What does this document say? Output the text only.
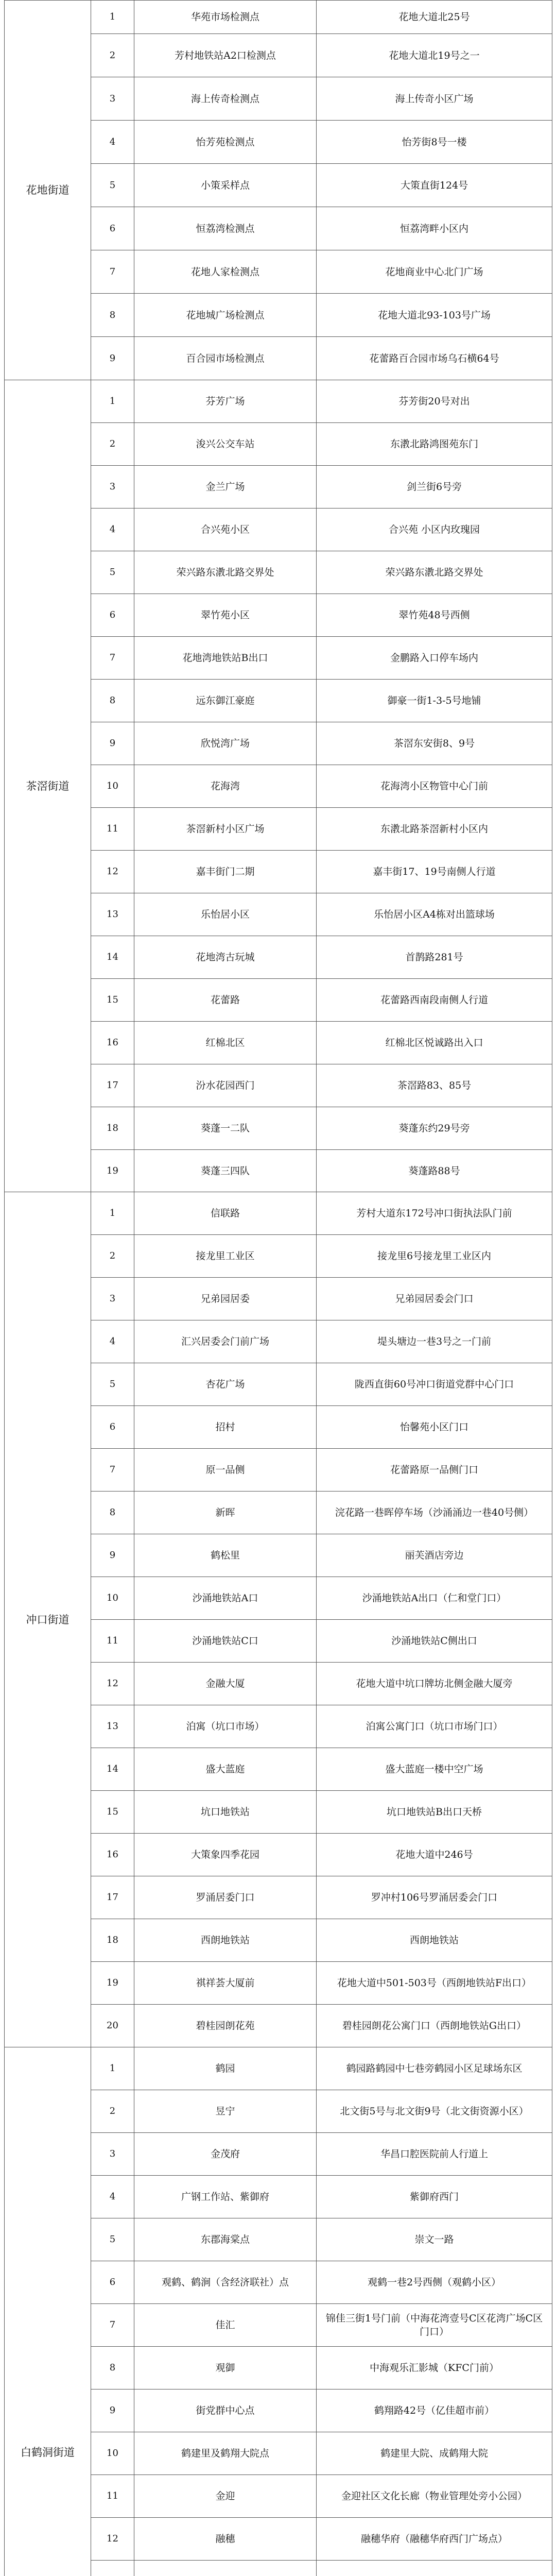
花地街道	1	华苑市场检测点	花地大道北25号
	2	芳村地铁站A2口检测点	花地大道北19号之一
	3	海上传奇检测点	海上传奇小区广场
	4	怡芳苑检测点	怡芳街8号一楼
	5	小策采样点	大策直街124号
	6	恒荔湾检测点	恒荔湾畔小区内
	7	花地人家检测点	花地商业中心北门广场
	8	花地城广场检测点	花地大道北93-103号广场
	9	百合园市场检测点	花蕾路百合园市场乌石横64号
茶滘街道	1	芬芳广场	芬芳街20号对出
	2	浚兴公交车站	东漖北路鸿图苑东门
	3	金兰广场	剑兰街6号旁
	4	合兴苑小区	合兴苑 小区内玫瑰园
	5	荣兴路东漖北路交界处	荣兴路东漖北路交界处
	6	翠竹苑小区	翠竹苑48号西侧
	7	花地湾地铁站B出口	金鹏路入口停车场内
	8	远东御江豪庭	御豪一街1-3-5号地铺
	9	欣悦湾广场	茶滘东安街8、9号
	10	花海湾	花海湾小区物管中心门前
	11	茶滘新村小区广场	东漖北路茶滘新村小区内
	12	嘉丰街门二期	嘉丰街17、19号南侧人行道
	13	乐怡居小区	乐怡居小区A4栋对出篮球场
	14	花地湾古玩城	首鹊路281号
	15	花蕾路	花蕾路西南段南侧人行道
	16	红棉北区	红棉北区悦诚路出入口
	17	汾水花园西门	茶滘路83、85号
	18	葵蓬一二队	葵蓬东约29号旁
	19	葵蓬三四队	葵蓬路88号
冲口街道	1	信联路	芳村大道东172号冲口街执法队门前
	2	接龙里工业区	接龙里6号接龙里工业区内
	3	兄弟园居委	兄弟园居委会门口
	4	汇兴居委会门前广场	堤头塘边一巷3号之一门前
	5	杏花广场	陇西直街60号冲口街道党群中心门口
	6	招村	怡馨苑小区门口
	7	原一品侧	花蕾路原一品侧门口
	8	新晖	浣花路一巷晖停车场（沙涌涌边一巷40号侧）
	9	鹤松里	丽芙酒店旁边
	10	沙涌地铁站A口	沙涌地铁站A出口（仁和堂门口）
	11	沙涌地铁站C口	沙涌地铁站C侧出口
	12	金融大厦	花地大道中坑口牌坊北侧金融大厦旁
	13	泊寓（坑口市场）	泊寓公寓门口（坑口市场门口）
	14	盛大蓝庭	盛大蓝庭一楼中空广场
	15	坑口地铁站	坑口地铁站B出口天桥
	16	大策象四季花园	花地大道中246号
	17	罗涌居委门口	罗冲村106号罗涌居委会门口
	18	西朗地铁站	西朗地铁站
	19	祺祥荟大厦前	花地大道中501-503号（西朗地铁站F出口）
	20	碧桂园朗花苑	碧桂园朗花公寓门口（西朗地铁站G出口）
白鹤洞街道	1	鹤园	鹤园路鹤园中七巷旁鹤园小区足球场东区
	2	昱宁	北文街5号与北文街9号（北文街资源小区）
	3	金茂府	华昌口腔医院前人行道上
	4	广钢工作站、紫御府	紫御府西门
	5	东郡海棠点	崇文一路
	6	观鹤、鹤涧（含经济联社）点	观鹤一巷2号西侧（观鹤小区）
	7	佳汇	锦佳三街1号门前（中海花湾壹号C区花湾广场C区门口）
	8	观御	中海观乐汇影城（KFC门前）
	9	街党群中心点	鹤翔路42号（亿佳超市前）
	10	鹤建里及鹤翔大院点	鹤建里大院、成鹤翔大院
	11	金迎	金迎社区文化长廊（物业管理处旁小公园）
	12	融穗	融穗华府（融穗华府西门广场点）
